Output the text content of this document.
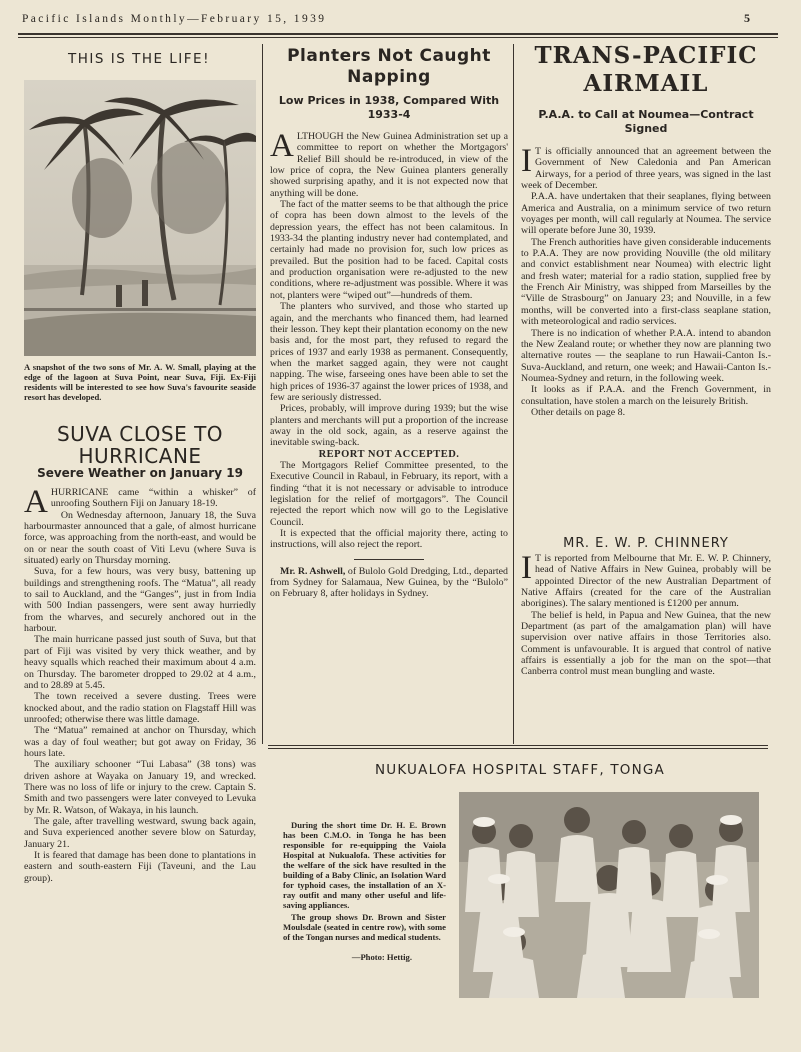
Pacific Islands Monthly—February 15, 1939	5
THIS IS THE LIFE!
A snapshot of the two sons of Mr. A. W. Small, playing at the edge of the lagoon at Suva Point, near Suva, Fiji. Ex-Fiji residents will be interested to see how Suva's favourite seaside resort has developed.
SUVA CLOSE TO HURRICANE
Severe Weather on January 19
A HURRICANE came “within a whisker” of unroofing Southern Fiji on January 18-19.

On Wednesday afternoon, January 18, the Suva harbourmaster announced that a gale, of almost hurricane force, was approaching from the north-east, and would be on or near the south coast of Viti Levu (where Suva is situated) early on Thursday morning.

Suva, for a few hours, was very busy, battening up buildings and strengthening roofs. The “Matua”, all ready to sail to Auckland, and the “Ganges”, just in from India with 500 Indian passengers, were sent away hurriedly from the wharves, and securely anchored out in the harbour.

The main hurricane passed just south of Suva, but that part of Fiji was visited by very thick weather, and by heavy squalls which reached their maximum about 4 a.m. on Thursday. The barometer dropped to 29.02 at 4 a.m., and to 28.89 at 5.45.

The town received a severe dusting. Trees were knocked about, and the radio station on Flagstaff Hill was unroofed; otherwise there was little damage.

The “Matua” remained at anchor on Thursday, which was a day of foul weather; but got away on Friday, 36 hours late.

The auxiliary schooner “Tui Labasa” (38 tons) was driven ashore at Wayaka on January 19, and wrecked. There was no loss of life or injury to the crew. Captain S. Smith and two passengers were later conveyed to Levuka by Mr. R. Watson, of Wakaya, in his launch.

The gale, after travelling westward, swung back again, and Suva experienced another severe blow on Saturday, January 21.

It is feared that damage has been done to plantations in eastern and south-eastern Fiji (Taveuni, and the Lau group).

Planters Not Caught Napping
Low Prices in 1938, Compared With 1933-4
A LTHOUGH the New Guinea Administration set up a committee to report on whether the Mortgagors' Relief Bill should be re-introduced, in view of the low price of copra, the New Guinea planters generally showed surprising apathy, and it is not expected now that anything will be done.

The fact of the matter seems to be that although the price of copra has been down almost to the levels of the depression years, the effect has not been calamitous. In 1933-34 the planting industry never had contemplated, and certainly had made no provision for, such low prices as prevailed. But the position had to be faced. Capital costs and production organisation were re-adjusted to the new conditions, where re-adjustment was possible. Where it was not, planters were “wiped out”—hundreds of them.

The planters who survived, and those who started up again, and the merchants who financed them, had learned their lesson. They kept their plantation economy on the new basis and, for the most part, they refused to regard the prices of 1937 and early 1938 as permanent. Consequently, when the market sagged again, they were not caught napping. The wise, farseeing ones have been able to set the high prices of 1936-37 against the lower prices of 1938, and few are seriously distressed.

Prices, probably, will improve during 1939; but the wise planters and merchants will put a proportion of the increase away in the old sock, again, as a reserve against the inevitable swing-back.

REPORT NOT ACCEPTED.

The Mortgagors Relief Committee presented, to the Executive Council in Rabaul, in February, its report, with a finding “that it is not necessary or advisable to introduce legislation for the relief of mortgagors”. The Council rejected the report which now will go to the Legislative Council.

It is expected that the official majority there, acting to instructions, will also reject the report.

Mr. R. Ashwell, of Bulolo Gold Dredging, Ltd., departed from Sydney for Salamaua, New Guinea, by the “Bulolo” on February 8, after holidays in Sydney.

TRANS-PACIFIC
AIRMAIL
P.A.A. to Call at Noumea—Contract Signed
I T is officially announced that an agreement between the Government of New Caledonia and Pan American Airways, for a period of three years, was signed in the last week of December.

P.A.A. have undertaken that their seaplanes, flying between America and Australia, on a minimum service of two return voyages per month, will call regularly at Noumea. The service will operate before June 30, 1939.

The French authorities have given considerable inducements to P.A.A. They are now providing Nouville (the old military and convict establishment near Noumea) with electric light and fresh water; material for a radio station, supplied free by the French Air Ministry, was shipped from Marseilles by the “Ville de Strasbourg” on January 23; and Nouville, in a few months, will be converted into a first-class seaplane station, with meteorological and radio services.

There is no indication of whether P.A.A. intend to abandon the New Zealand route; or whether they now are planning two alternative routes — the seaplane to run Hawaii-Canton Is.-Suva-Auckland, and return, one week; and Hawaii-Canton Is.-Noumea-Sydney and return, in the following week.

It looks as if P.A.A. and the French Government, in consultation, have stolen a march on the leisurely British.

Other details on page 8.

MR. E. W. P. CHINNERY
I T is reported from Melbourne that Mr. E. W. P. Chinnery, head of Native Affairs in New Guinea, probably will be appointed Director of the new Australian Department of Native Affairs (created for the care of the Australian aborigines). The salary mentioned is £1200 per annum.

The belief is held, in Papua and New Guinea, that the new Department (as part of the amalgamation plan) will have supervision over native affairs in those Territories also. Comment is unfavourable. It is argued that control of native affairs is essentially a job for the man on the spot—that Canberra control must mean bungling and waste.

NUKUALOFA HOSPITAL STAFF, TONGA
During the short time Dr. H. E. Brown has been C.M.O. in Tonga he has been responsible for re-equipping the Vaiola Hospital at Nukualofa. These activities for the welfare of the sick have resulted in the building of a Baby Clinic, an Isolation Ward for typhoid cases, the installation of an X-ray outfit and many other useful and life-saving appliances.
The group shows Dr. Brown and Sister Moulsdale (seated in centre row), with some of the Tongan nurses and medical students.
—Photo: Hettig.
